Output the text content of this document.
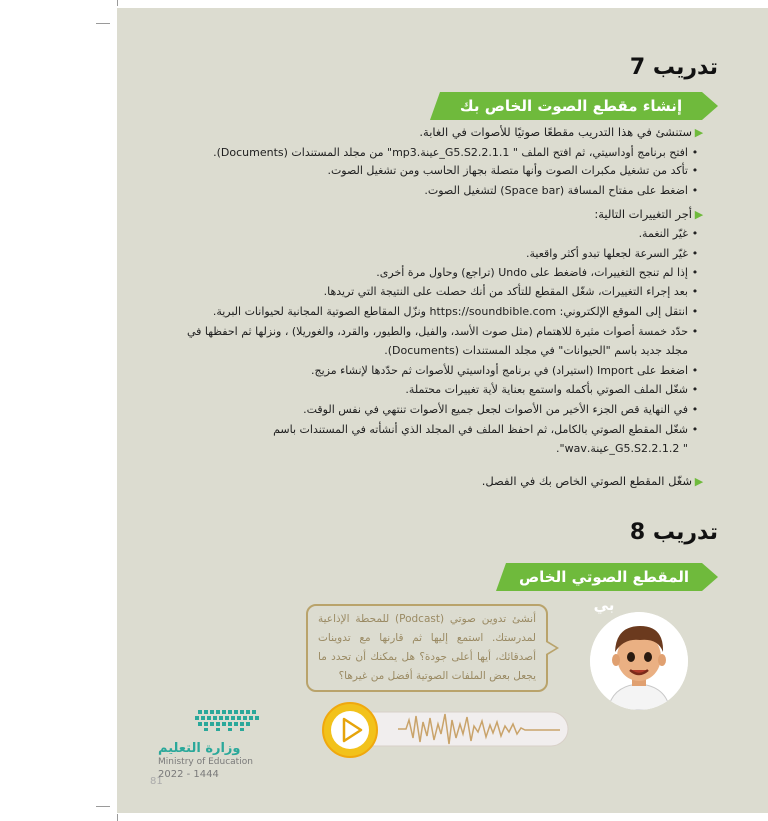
تدريب 7
إنشاء مقطع الصوت الخاص بك
▶ستنشئ في هذا التدريب مقطعًا صوتيًا للأصوات في الغابة.
•افتح برنامج أوداسيتي، ثم افتح الملف " G5.S2.2.1.1_عينة.mp3" من مجلد المستندات (Documents).
•تأكد من تشغيل مكبرات الصوت وأنها متصلة بجهاز الحاسب ومن تشغيل الصوت.
•اضغط على مفتاح المسافة (Space bar) لتشغيل الصوت.
▶أجر التغييرات التالية:
•غيّر النغمة.
•غيّر السرعة لجعلها تبدو أكثر واقعية.
•إذا لم تنجح التغييرات، فاضغط على Undo (تراجع) وحاول مرة أخرى.
•بعد إجراء التغييرات، شغّل المقطع للتأكد من أنك حصلت على النتيجة التي تريدها.
•انتقل إلى الموقع الإلكتروني: https://soundbible.com ونزّل المقاطع الصوتية المجانية لحيوانات البرية.
•حدّد خمسة أصوات مثيرة للاهتمام (مثل صوت الأسد، والفيل، والطيور، والقرد، والغوريلا) ، ونزلها ثم احفظها في
مجلد جديد باسم "الحيوانات" في مجلد المستندات (Documents).
•اضغط على Import (استيراد) في برنامج أوداسيتي للأصوات ثم حدّدها لإنشاء مزيج.
•شغّل الملف الصوتي بأكمله واستمع بعناية لأية تغييرات محتملة.
•في النهاية قص الجزء الأخير من الأصوات لجعل جميع الأصوات تنتهي في نفس الوقت.
•شغّل المقطع الصوتي بالكامل، ثم احفظ الملف في المجلد الذي أنشأته في المستندات باسم
" G5.S2.2.1.2_عينة.wav".
▶شغّل المقطع الصوتي الخاص بك في الفصل.
تدريب 8
المقطع الصوتي الخاص بي
أنشئ تدوين صوتي (Podcast) للمحطة الإذاعية لمدرستك. استمع إليها ثم قارنها مع تدوينات أصدقائك، أيها أعلى جودة؟ هل يمكنك أن تحدد ما يجعل بعض الملفات الصوتية أفضل من غيرها؟
وزارة التعليم
Ministry of Education
2022 - 1444
81
